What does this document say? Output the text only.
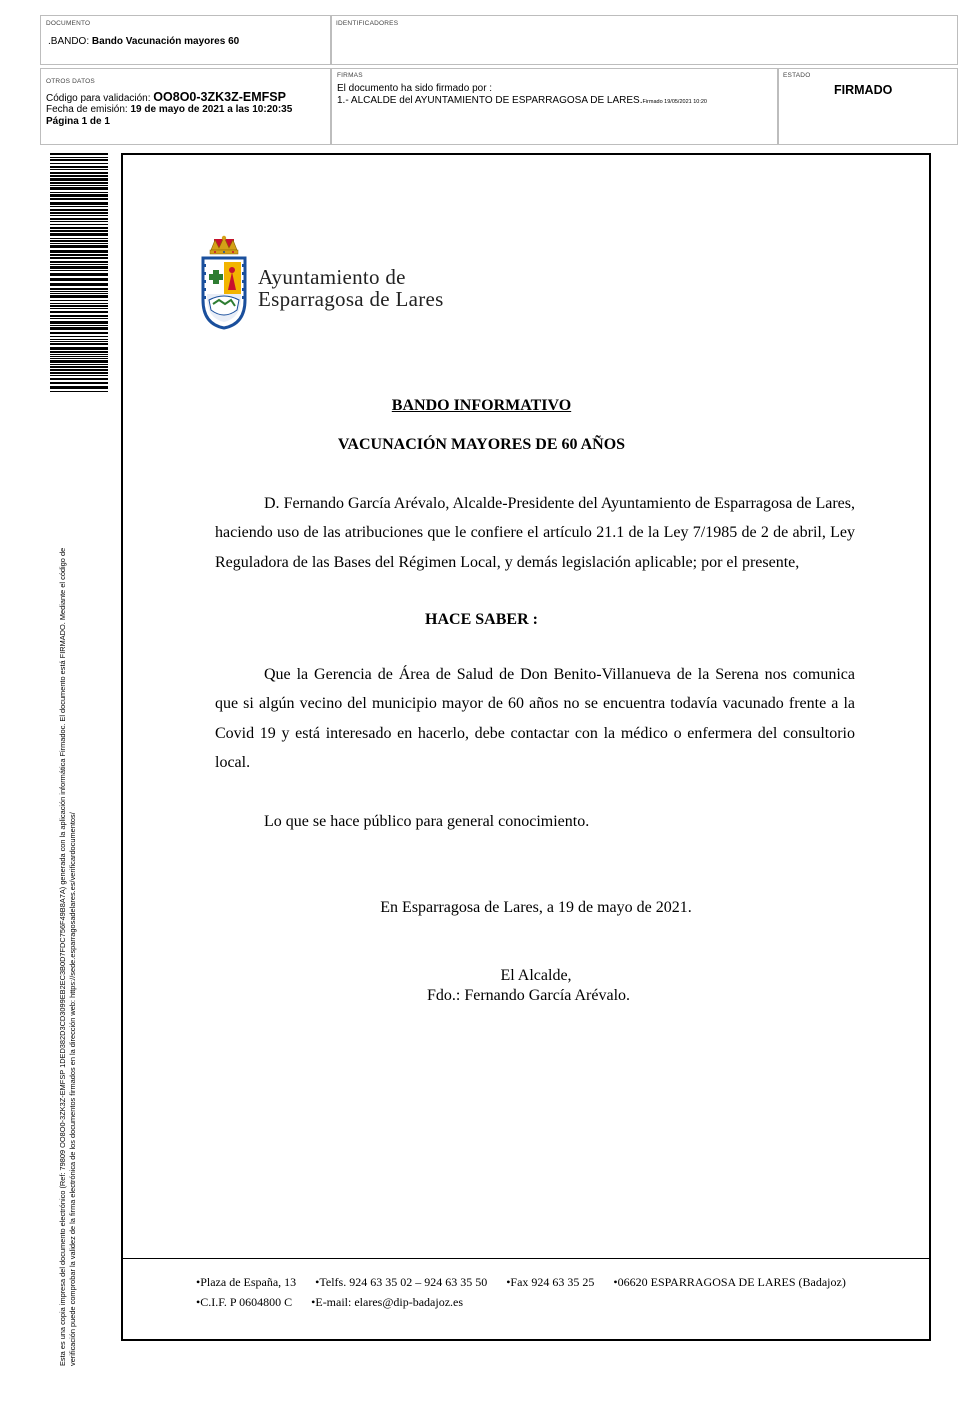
DOCUMENTO
.BANDO: Bando Vacunación mayores 60
IDENTIFICADORES
OTROS DATOS
Código para validación: OO8O0-3ZK3Z-EMFSP
Fecha de emisión: 19 de mayo de 2021 a las 10:20:35
Página 1 de 1
FIRMAS
El documento ha sido firmado por :
1.- ALCALDE del AYUNTAMIENTO DE ESPARRAGOSA DE LARES.Firmado 19/05/2021 10:20
ESTADO
FIRMADO
Esta es una copia impresa del documento electrónico (Ref: 79809 OO8O0-3ZK3Z-EMFSP 1DED382D3CD3099EB2EC3B0D7FDC756F49B8A7A) generada con la aplicación informática Firmadoc. El documento está FIRMADO. Mediante el código de verificación puede comprobar la validez de la firma electrónica de los documentos firmados en la dirección web: https://sede.esparragosadelares.es/verificardocumentos/
Ayuntamiento de
Esparragosa de Lares
BANDO INFORMATIVO
VACUNACIÓN MAYORES DE 60 AÑOS
D. Fernando García Arévalo, Alcalde-Presidente del Ayuntamiento de Esparragosa de Lares, haciendo uso de las atribuciones que le confiere el artículo 21.1 de la Ley 7/1985 de 2 de abril, Ley Reguladora de las Bases del Régimen Local, y demás legislación aplicable; por el presente,
HACE SABER :
Que la Gerencia de Área de Salud de Don Benito-Villanueva de la Serena nos comunica que si algún vecino del municipio mayor de 60 años no se encuentra todavía vacunado frente a la Covid 19 y está interesado en hacerlo, debe contactar con la médico o enfermera del consultorio local.
Lo que se hace público para general conocimiento.
En Esparragosa de Lares, a 19 de mayo de 2021.
El Alcalde,
Fdo.: Fernando García Arévalo.
•Plaza de España, 13 •Telfs. 924 63 35 02 – 924 63 35 50 •Fax 924 63 35 25 •06620 ESPARRAGOSA DE LARES (Badajoz)
•C.I.F. P 0604800 C •E-mail: elares@dip-badajoz.es
